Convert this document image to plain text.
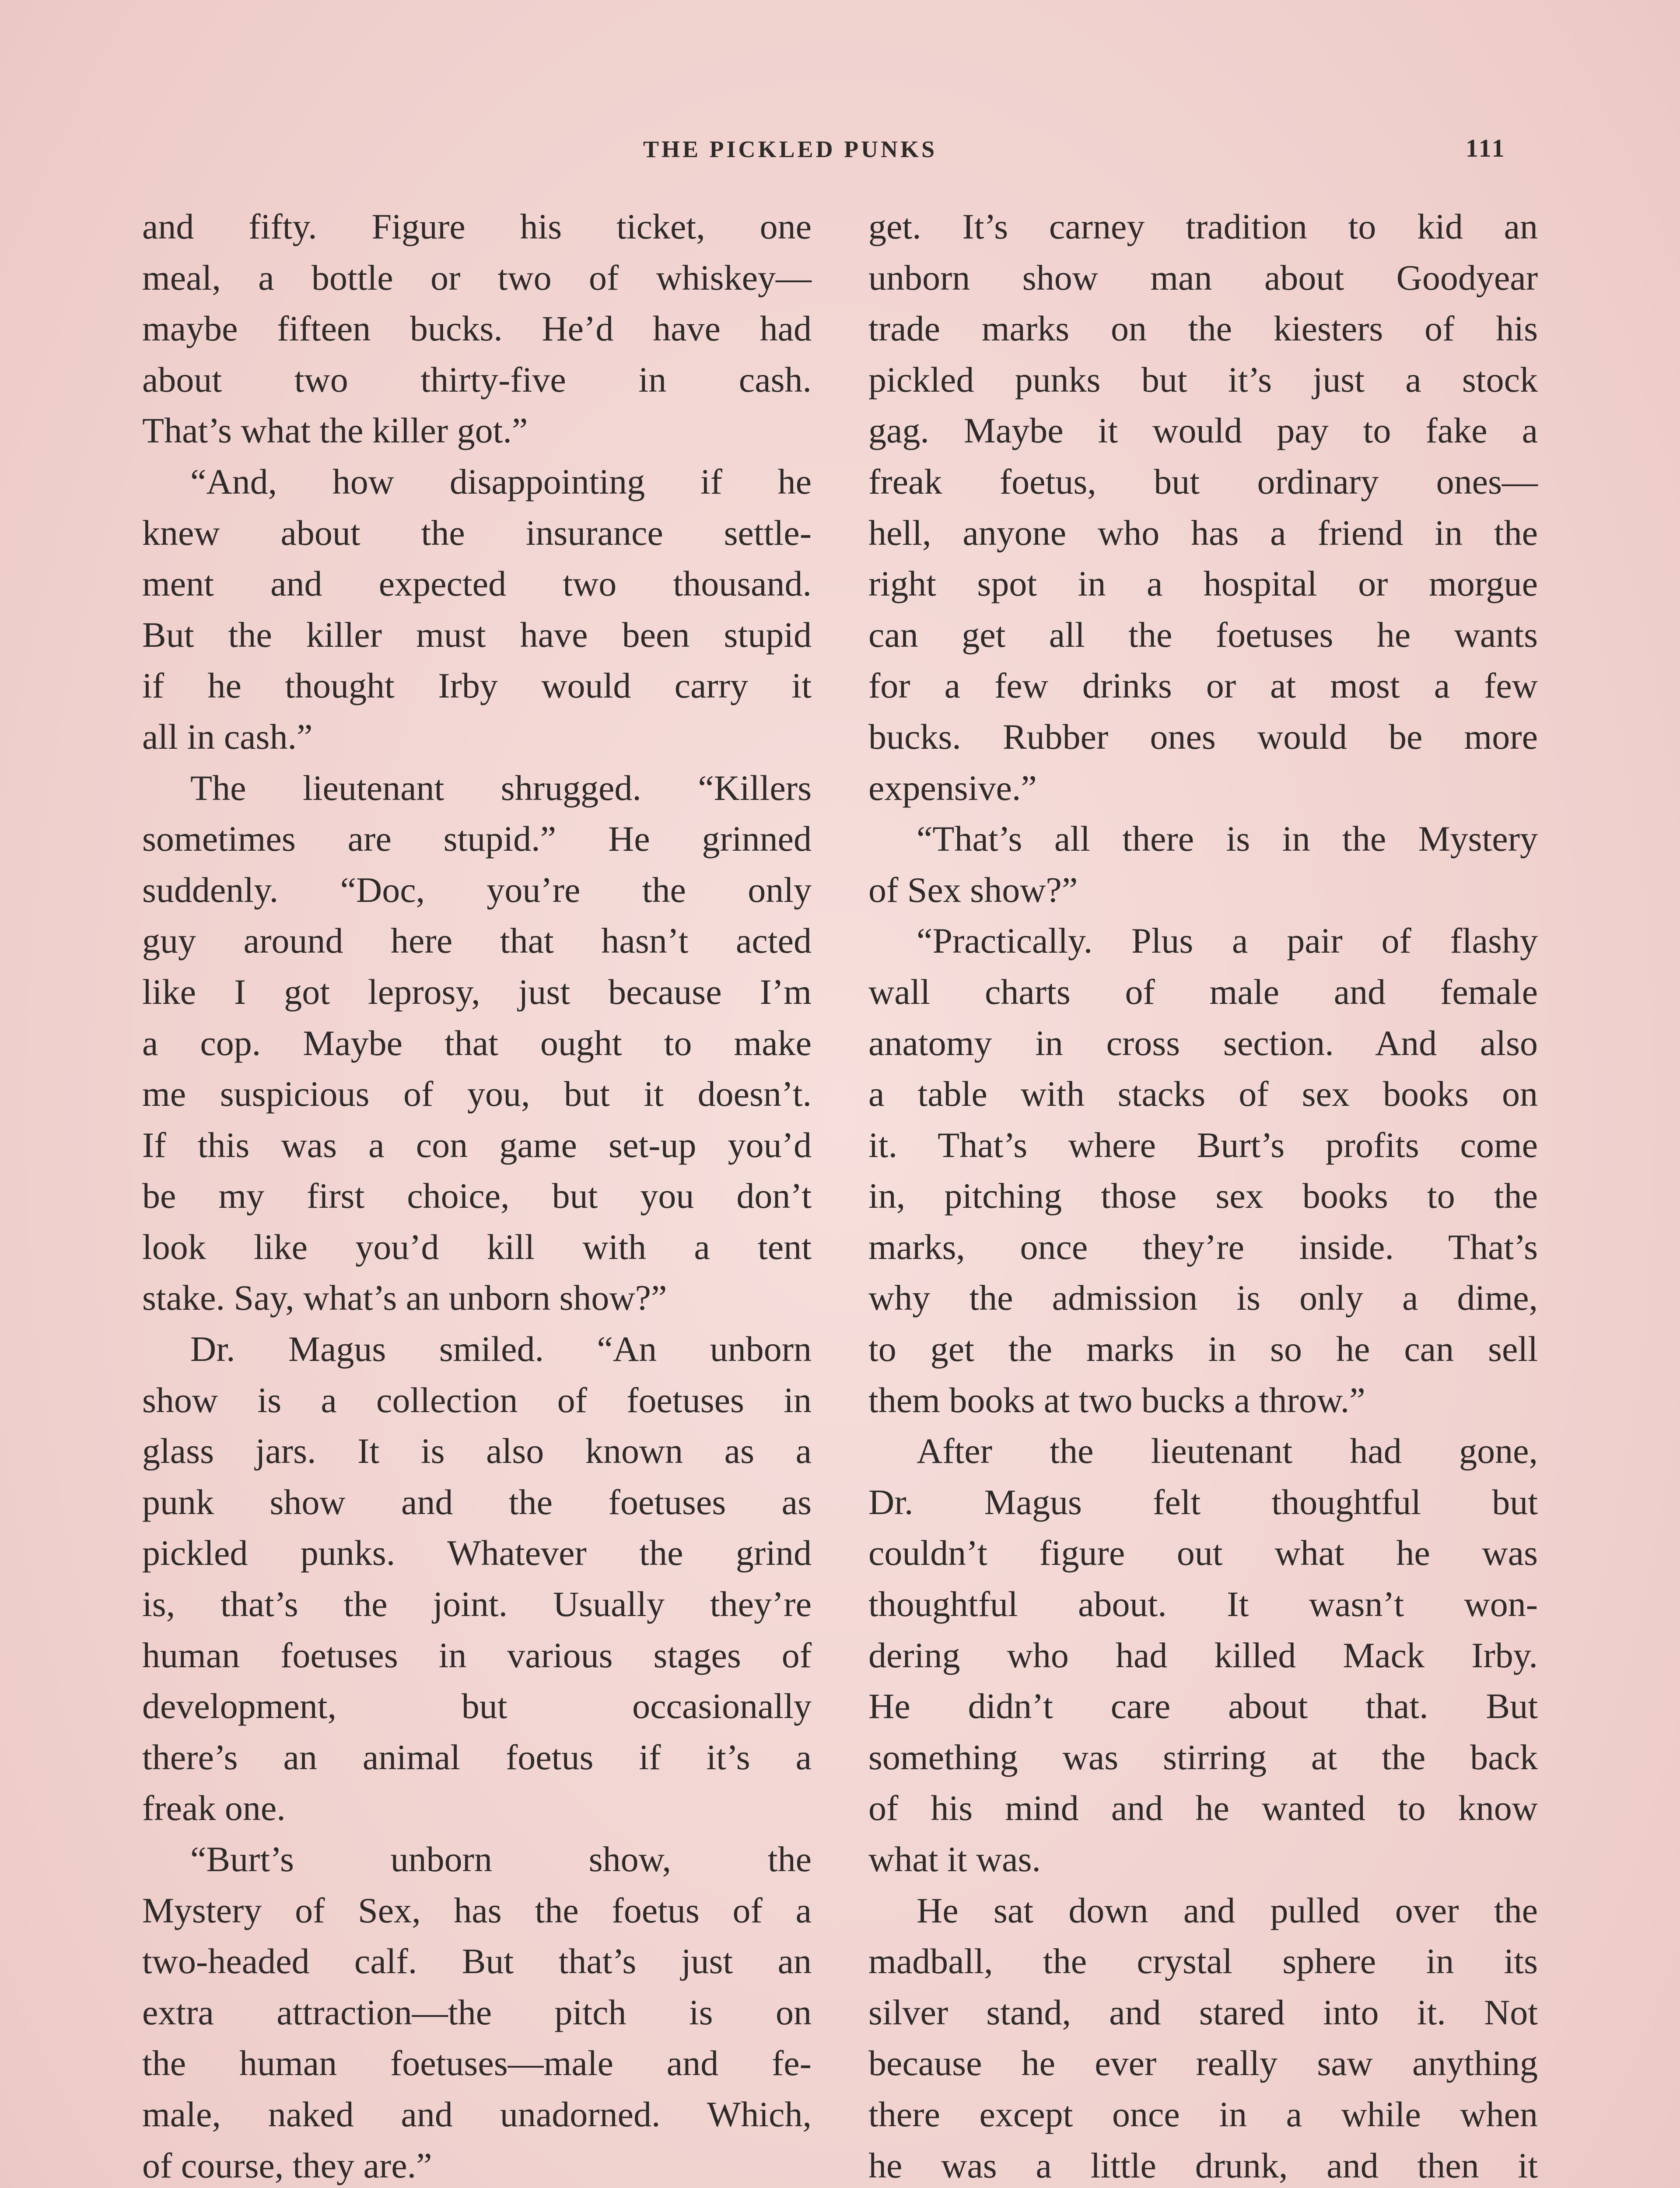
THE PICKLED PUNKS	111

and fifty. Figure his ticket, one

meal, a bottle or two of whiskey—

maybe fifteen bucks. He’d have had

about two thirty-five in cash.

That’s what the killer got.”

“And, how disappointing if he

knew about the insurance settle-

ment and expected two thousand.

But the killer must have been stupid

if he thought Irby would carry it

all in cash.”

The lieutenant shrugged. “Killers

sometimes are stupid.” He grinned

suddenly. “Doc, you’re the only

guy around here that hasn’t acted

like I got leprosy, just because I’m

a cop. Maybe that ought to make

me suspicious of you, but it doesn’t.

If this was a con game set-up you’d

be my first choice, but you don’t

look like you’d kill with a tent

stake. Say, what’s an unborn show?”

Dr. Magus smiled. “An unborn

show is a collection of foetuses in

glass jars. It is also known as a

punk show and the foetuses as

pickled punks. Whatever the grind

is, that’s the joint. Usually they’re

human foetuses in various stages of

development, but occasionally

there’s an animal foetus if it’s a

freak one.

“Burt’s unborn show, the

Mystery of Sex, has the foetus of a

two-headed calf. But that’s just an

extra attraction—the pitch is on

the human foetuses—male and fe-

male, naked and unadorned. Which,

of course, they are.”

get. It’s carney tradition to kid an

unborn show man about Goodyear

trade marks on the kiesters of his

pickled punks but it’s just a stock

gag. Maybe it would pay to fake a

freak foetus, but ordinary ones—

hell, anyone who has a friend in the

right spot in a hospital or morgue

can get all the foetuses he wants

for a few drinks or at most a few

bucks. Rubber ones would be more

expensive.”

“That’s all there is in the Mystery

of Sex show?”

“Practically. Plus a pair of flashy

wall charts of male and female

anatomy in cross section. And also

a table with stacks of sex books on

it. That’s where Burt’s profits come

in, pitching those sex books to the

marks, once they’re inside. That’s

why the admission is only a dime,

to get the marks in so he can sell

them books at two bucks a throw.”

After the lieutenant had gone,

Dr. Magus felt thoughtful but

couldn’t figure out what he was

thoughtful about. It wasn’t won-

dering who had killed Mack Irby.

He didn’t care about that. But

something was stirring at the back

of his mind and he wanted to know

what it was.

He sat down and pulled over the

madball, the crystal sphere in its

silver stand, and stared into it. Not

because he ever really saw anything

there except once in a while when

he was a little drunk, and then it
